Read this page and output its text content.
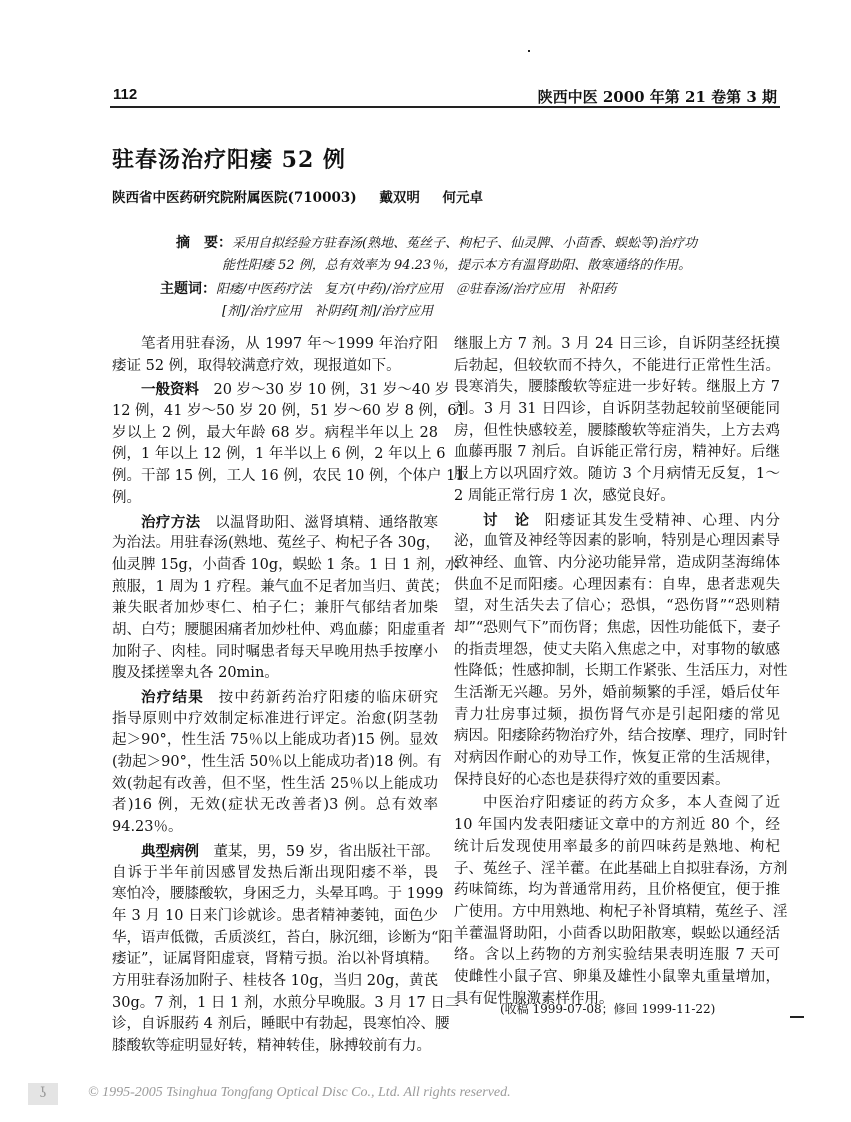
112	陕西中医 2000 年第 21 卷第 3 期
驻春汤治疗阳痿 52 例
陕西省中医药研究院附属医院(710003) 戴双明 何元卓
摘　要：采用自拟经验方驻春汤(熟地、菟丝子、枸杞子、仙灵脾、小茴香、蜈蚣等)治疗功
能性阳痿 52 例，总有效率为 94.23％，提示本方有温肾助阳、散寒通络的作用。
主题词：阳痿/中医药疗法　复方(中药)/治疗应用　＠驻春汤/治疗应用　补阳药
[剂]/治疗应用　补阴药[剂]/治疗应用
笔者用驻春汤，从 1997 年～1999 年治疗阳
痿证 52 例，取得较满意疗效，现报道如下。
一般资料 20 岁～30 岁 10 例，31 岁～40 岁
12 例，41 岁～50 岁 20 例，51 岁～60 岁 8 例，61
岁以上 2 例，最大年龄 68 岁。病程半年以上 28
例，1 年以上 12 例，1 年半以上 6 例，2 年以上 6
例。干部 15 例，工人 16 例，农民 10 例，个体户 11
例。
治疗方法 以温肾助阳、滋肾填精、通络散寒
为治法。用驻春汤(熟地、菟丝子、枸杞子各 30g，
仙灵脾 15g，小茴香 10g，蜈蚣 1 条。1 日 1 剂，水
煎服，1 周为 1 疗程。兼气血不足者加当归、黄芪；
兼失眠者加炒枣仁、柏子仁；兼肝气郁结者加柴
胡、白芍；腰腿困痛者加炒杜仲、鸡血藤；阳虚重者
加附子、肉桂。同时嘱患者每天早晚用热手按摩小
腹及揉搓睾丸各 20min。
治疗结果 按中药新药治疗阳痿的临床研究
指导原则中疗效制定标准进行评定。治愈(阴茎勃
起＞90°，性生活 75％以上能成功者)15 例。显效
(勃起＞90°，性生活 50％以上能成功者)18 例。有
效(勃起有改善，但不坚，性生活 25％以上能成功
者)16 例，无效(症状无改善者)3 例。总有效率
94.23％。
典型病例 董某，男，59 岁，省出版社干部。
自诉于半年前因感冒发热后渐出现阳痿不举，畏
寒怕冷，腰膝酸软，身困乏力，头晕耳鸣。于 1999
年 3 月 10 日来门诊就诊。患者精神萎钝，面色少
华，语声低微，舌质淡红，苔白，脉沉细，诊断为“阳
痿证”，证属肾阳虚衰，肾精亏损。治以补肾填精。
方用驻春汤加附子、桂枝各 10g，当归 20g，黄芪
30g。7 剂，1 日 1 剂，水煎分早晚服。3 月 17 日二
诊，自诉服药 4 剂后，睡眠中有勃起，畏寒怕冷、腰
膝酸软等症明显好转，精神转佳，脉搏较前有力。
继服上方 7 剂。3 月 24 日三诊，自诉阴茎经抚摸
后勃起，但较软而不持久，不能进行正常性生活。
畏寒消失，腰膝酸软等症进一步好转。继服上方 7
剂。3 月 31 日四诊，自诉阴茎勃起较前坚硬能同
房，但性快感较差，腰膝酸软等症消失，上方去鸡
血藤再服 7 剂后。自诉能正常行房，精神好。后继
服上方以巩固疗效。随访 3 个月病情无反复，1～
2 周能正常行房 1 次，感觉良好。
讨　论 阳痿证其发生受精神、心理、内分
泌，血管及神经等因素的影响，特别是心理因素导
致神经、血管、内分泌功能异常，造成阴茎海绵体
供血不足而阳痿。心理因素有：自卑，患者悲观失
望，对生活失去了信心；恐惧，“恐伤肾”“恐则精
却”“恐则气下”而伤肾；焦虑，因性功能低下，妻子
的指责埋怨，使丈夫陷入焦虑之中，对事物的敏感
性降低；性感抑制，长期工作紧张、生活压力，对性
生活渐无兴趣。另外，婚前频繁的手淫，婚后仗年
青力壮房事过频，损伤肾气亦是引起阳痿的常见
病因。阳痿除药物治疗外，结合按摩、理疗，同时针
对病因作耐心的劝导工作，恢复正常的生活规律，
保持良好的心态也是获得疗效的重要因素。
中医治疗阳痿证的药方众多，本人查阅了近
10 年国内发表阳痿证文章中的方剂近 80 个，经
统计后发现使用率最多的前四味药是熟地、枸杞
子、菟丝子、淫羊藿。在此基础上自拟驻春汤，方剂
药味简练，均为普通常用药，且价格便宜，便于推
广使用。方中用熟地、枸杞子补肾填精，菟丝子、淫
羊藿温肾助阳，小茴香以助阳散寒，蜈蚣以通经活
络。含以上药物的方剂实验结果表明连服 7 天可
使雌性小鼠子宫、卵巢及雄性小鼠睾丸重量增加，
具有促性腺激素样作用。
(收稿 1999-07-08；修回 1999-11-22)
ʖ	© 1995-2005 Tsinghua Tongfang Optical Disc Co., Ltd. All rights reserved.
